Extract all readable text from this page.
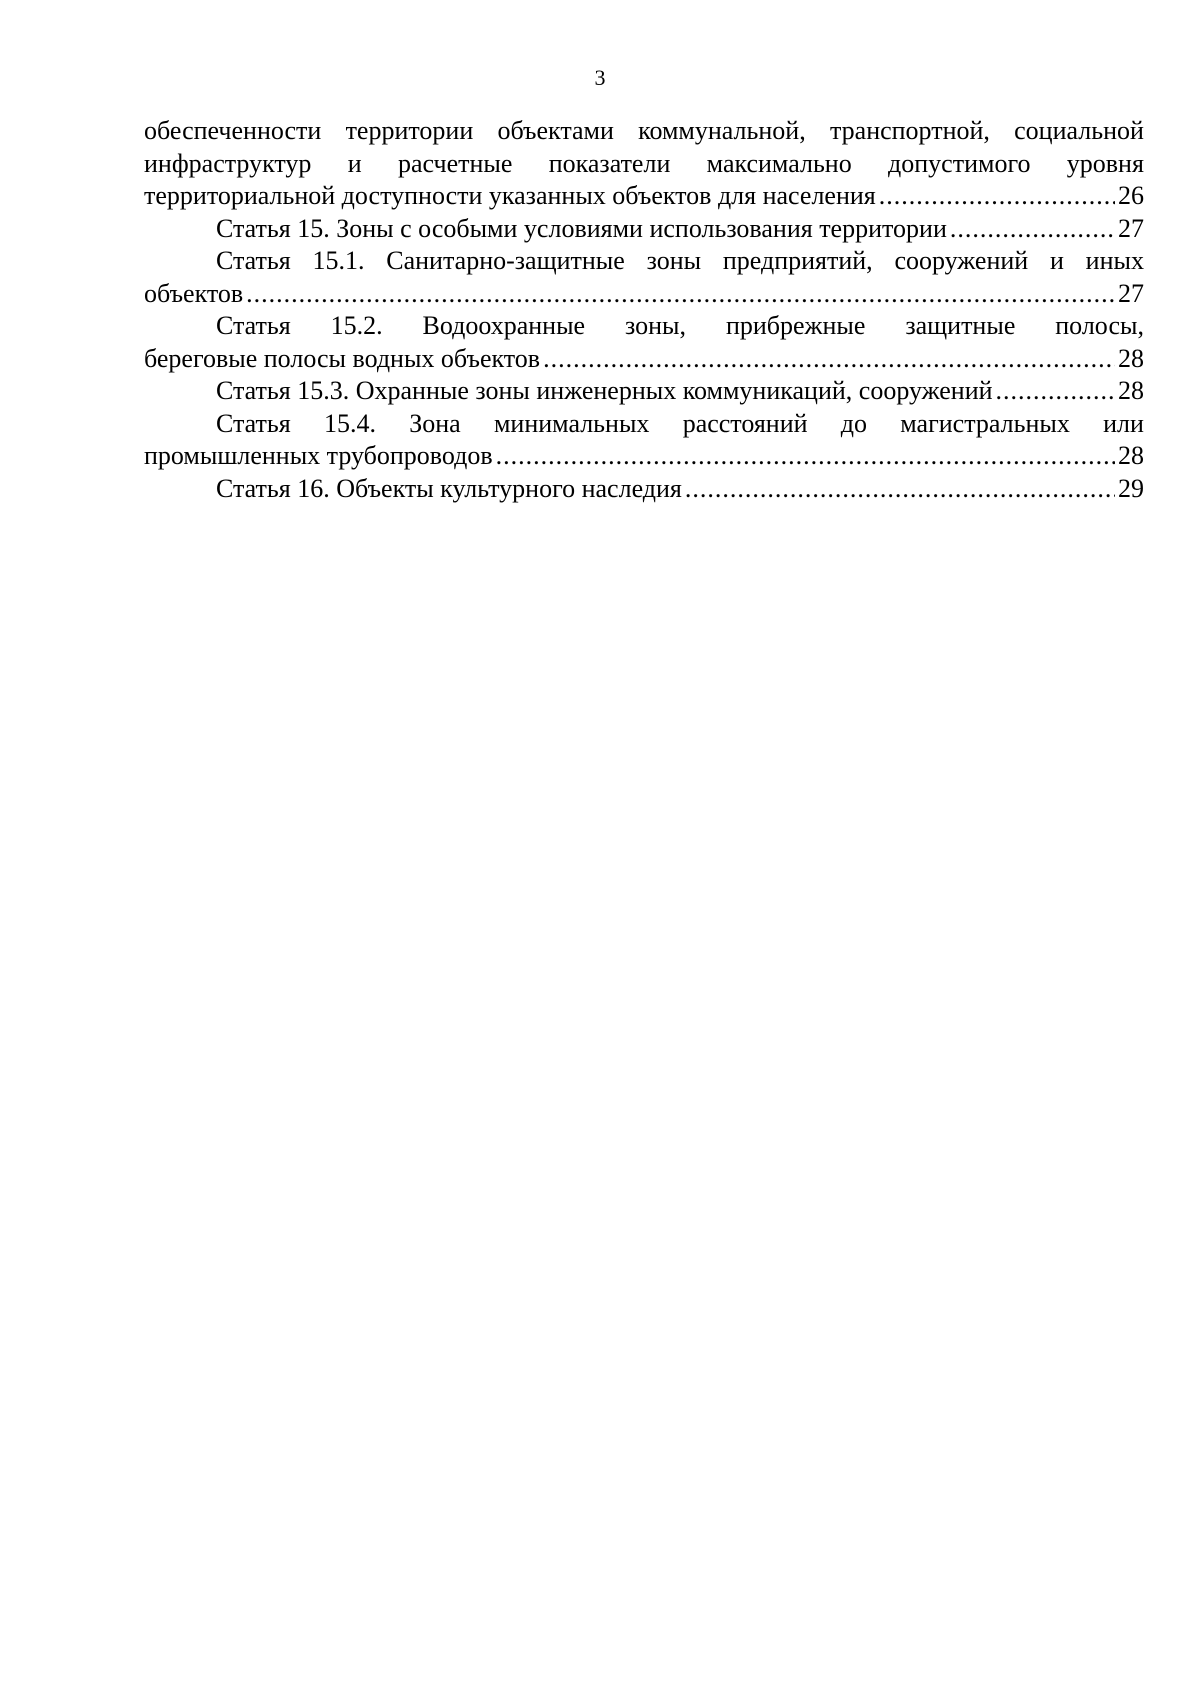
3
обеспеченности территории объектами коммунальной, транспортной, социальной
инфраструктур и расчетные показатели максимально допустимого уровня
территориальной доступности указанных объектов для населения .....	26
Статья 15. Зоны с особыми условиями использования территории .....	27
Статья 15.1. Санитарно-защитные зоны предприятий, сооружений и иных
объектов .....	27
Статья 15.2. Водоохранные зоны, прибрежные защитные полосы,
береговые полосы водных объектов .....	28
Статья 15.3. Охранные зоны инженерных коммуникаций, сооружений .....	28
Статья 15.4. Зона минимальных расстояний до магистральных или
промышленных трубопроводов .....	28
Статья 16. Объекты культурного наследия .....	29
